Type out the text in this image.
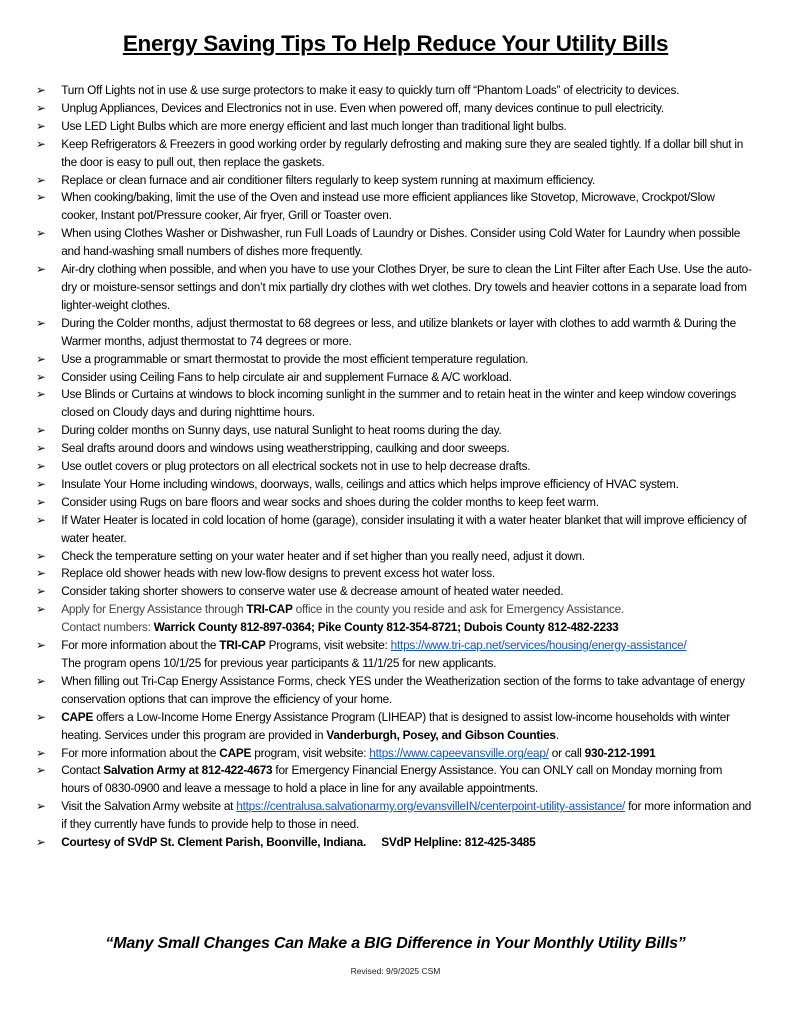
Energy Saving Tips To Help Reduce Your Utility Bills
➢	Turn Off Lights not in use & use surge protectors to make it easy to quickly turn off “Phantom Loads” of electricity to devices.
➢	Unplug Appliances, Devices and Electronics not in use. Even when powered off, many devices continue to pull electricity.
➢	Use LED Light Bulbs which are more energy efficient and last much longer than traditional light bulbs.
➢	Keep Refrigerators & Freezers in good working order by regularly defrosting and making sure they are sealed tightly. If a dollar bill shut in the door is easy to pull out, then replace the gaskets.
➢	Replace or clean furnace and air conditioner filters regularly to keep system running at maximum efficiency.
➢	When cooking/baking, limit the use of the Oven and instead use more efficient appliances like Stovetop, Microwave, Crockpot/Slow cooker, Instant pot/Pressure cooker, Air fryer, Grill or Toaster oven.
➢	When using Clothes Washer or Dishwasher, run Full Loads of Laundry or Dishes. Consider using Cold Water for Laundry when possible and hand-washing small numbers of dishes more frequently.
➢	Air-dry clothing when possible, and when you have to use your Clothes Dryer, be sure to clean the Lint Filter after Each Use. Use the auto-dry or moisture-sensor settings and don’t mix partially dry clothes with wet clothes. Dry towels and heavier cottons in a separate load from lighter-weight clothes.
➢	During the Colder months, adjust thermostat to 68 degrees or less, and utilize blankets or layer with clothes to add warmth & During the Warmer months, adjust thermostat to 74 degrees or more.
➢	Use a programmable or smart thermostat to provide the most efficient temperature regulation.
➢	Consider using Ceiling Fans to help circulate air and supplement Furnace & A/C workload.
➢	Use Blinds or Curtains at windows to block incoming sunlight in the summer and to retain heat in the winter and keep window coverings closed on Cloudy days and during nighttime hours.
➢	During colder months on Sunny days, use natural Sunlight to heat rooms during the day.
➢	Seal drafts around doors and windows using weatherstripping, caulking and door sweeps.
➢	Use outlet covers or plug protectors on all electrical sockets not in use to help decrease drafts.
➢	Insulate Your Home including windows, doorways, walls, ceilings and attics which helps improve efficiency of HVAC system.
➢	Consider using Rugs on bare floors and wear socks and shoes during the colder months to keep feet warm.
➢	If Water Heater is located in cold location of home (garage), consider insulating it with a water heater blanket that will improve efficiency of water heater.
➢	Check the temperature setting on your water heater and if set higher than you really need, adjust it down.
➢	Replace old shower heads with new low-flow designs to prevent excess hot water loss.
➢	Consider taking shorter showers to conserve water use & decrease amount of heated water needed.
➢	Apply for Energy Assistance through TRI-CAP office in the county you reside and ask for Emergency Assistance.
Contact numbers: Warrick County 812-897-0364; Pike County 812-354-8721; Dubois County 812-482-2233
➢	For more information about the TRI-CAP Programs, visit website: https://www.tri-cap.net/services/housing/energy-assistance/
The program opens 10/1/25 for previous year participants & 11/1/25 for new applicants.
➢	When filling out Tri-Cap Energy Assistance Forms, check YES under the Weatherization section of the forms to take advantage of energy conservation options that can improve the efficiency of your home.
➢	CAPE offers a Low-Income Home Energy Assistance Program (LIHEAP) that is designed to assist low-income households with winter heating. Services under this program are provided in Vanderburgh, Posey, and Gibson Counties.
➢	For more information about the CAPE program, visit website: https://www.capeevansville.org/eap/ or call 930-212-1991
➢	Contact Salvation Army at 812-422-4673 for Emergency Financial Energy Assistance. You can ONLY call on Monday morning from hours of 0830-0900 and leave a message to hold a place in line for any available appointments.
➢	Visit the Salvation Army website at https://centralusa.salvationarmy.org/evansvilleIN/centerpoint-utility-assistance/ for more information and if they currently have funds to provide help to those in need.
➢	Courtesy of SVdP St. Clement Parish, Boonville, Indiana.     SVdP Helpline: 812-425-3485
“Many Small Changes Can Make a BIG Difference in Your Monthly Utility Bills”
Revised: 9/9/2025 CSM
